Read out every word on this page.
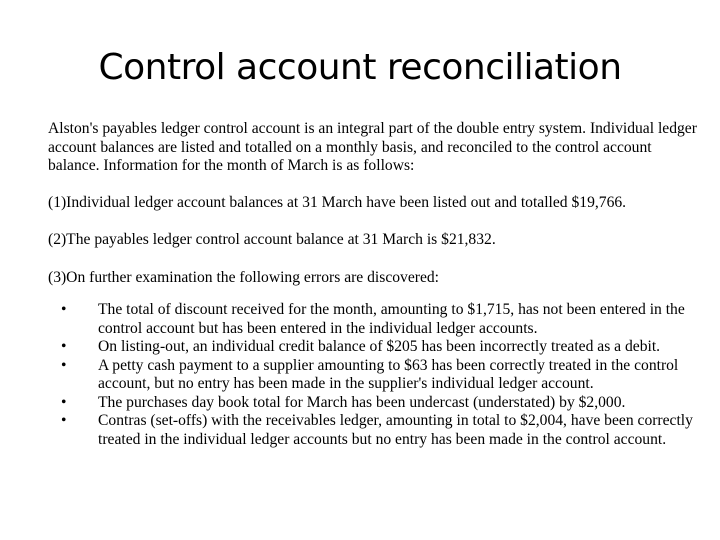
Control account reconciliation

Alston's payables ledger control account is an integral part of the double entry system. Individual ledger account balances are listed and totalled on a monthly basis, and reconciled to the control account balance. Information for the month of March is as follows:

(1)Individual ledger account balances at 31 March have been listed out and totalled $19,766.

(2)The payables ledger control account balance at 31 March is $21,832.

(3)On further examination the following errors are discovered:

• The total of discount received for the month, amounting to $1,715, has not been entered in the control account but has been entered in the individual ledger accounts.
• On listing-out, an individual credit balance of $205 has been incorrectly treated as a debit.
• A petty cash payment to a supplier amounting to $63 has been correctly treated in the control account, but no entry has been made in the supplier's individual ledger account.
• The purchases day book total for March has been undercast (understated) by $2,000.
• Contras (set-offs) with the receivables ledger, amounting in total to $2,004, have been correctly treated in the individual ledger accounts but no entry has been made in the control account.
